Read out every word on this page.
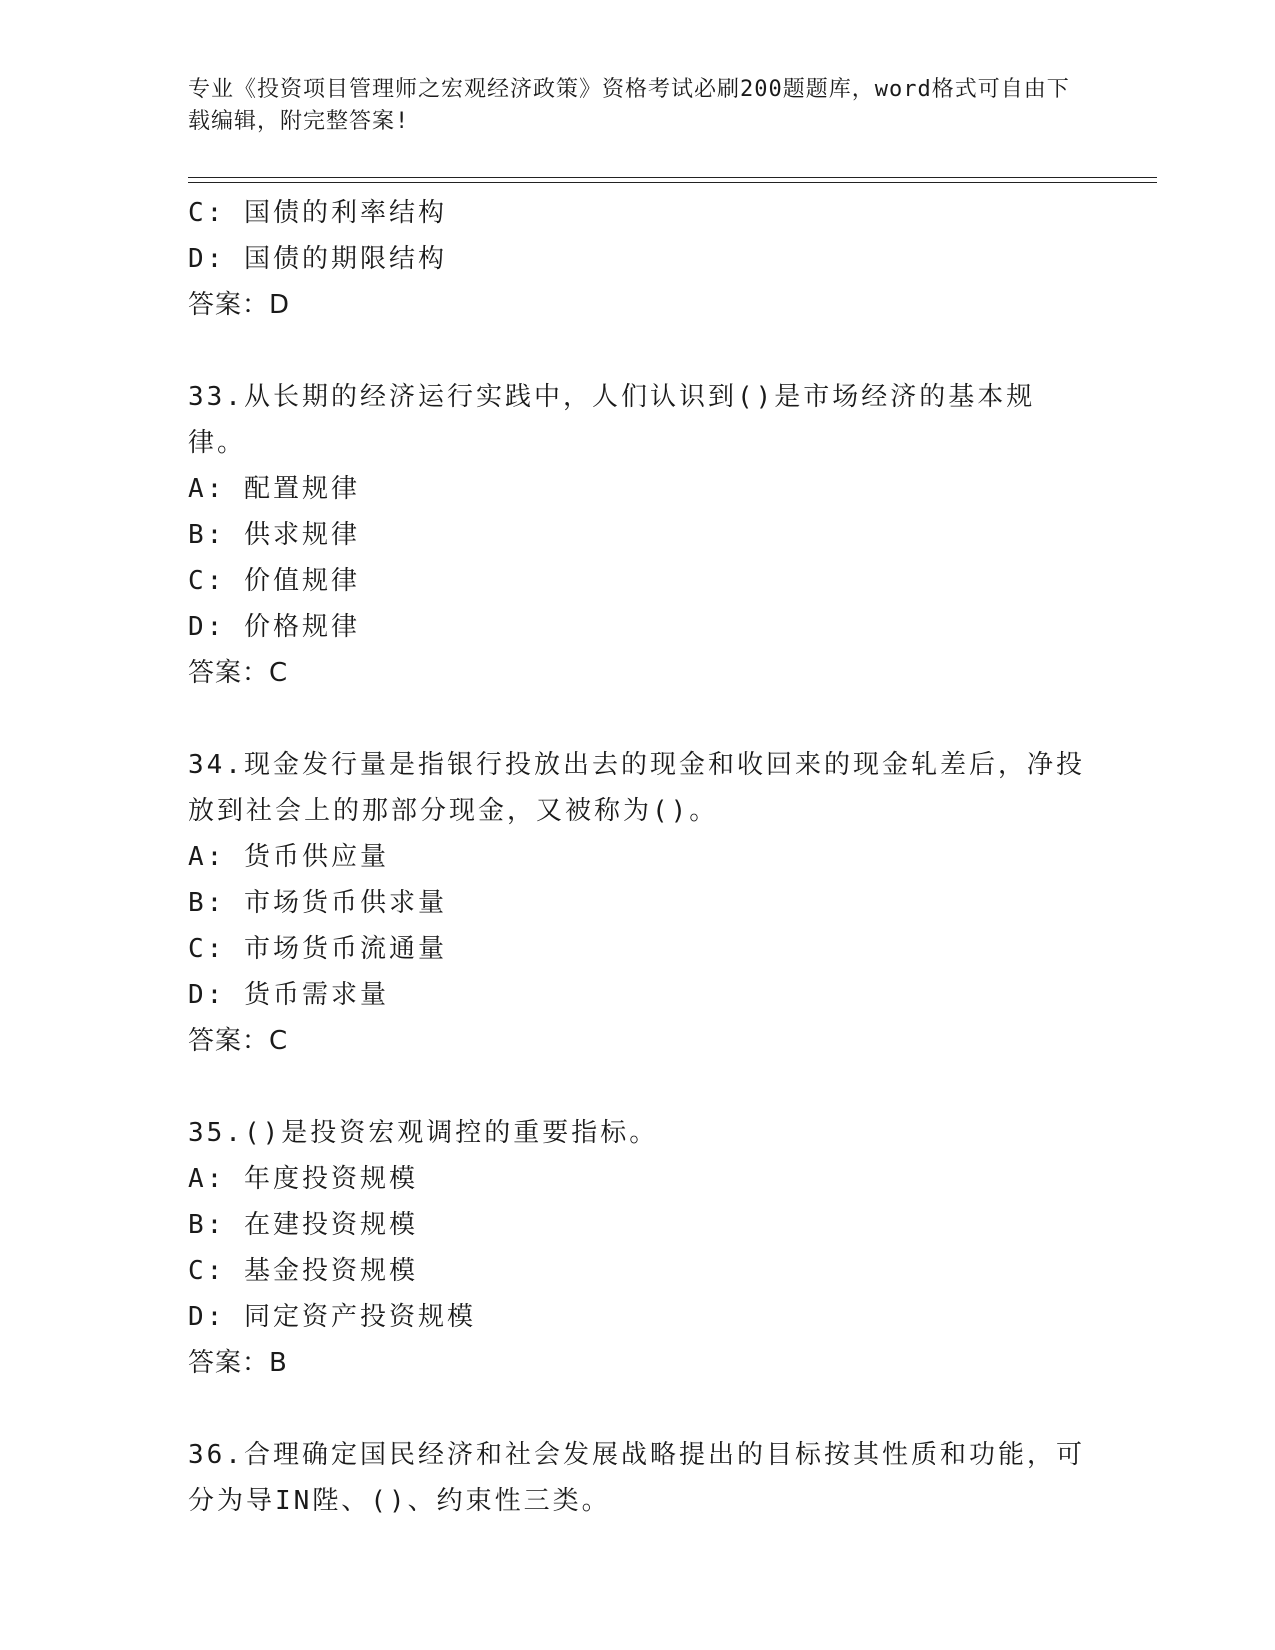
专业《投资项目管理师之宏观经济政策》资格考试必刷200题题库，word格式可自由下载编辑，附完整答案!
C: 国债的利率结构
D: 国债的期限结构
答案：D
33.从长期的经济运行实践中，人们认识到()是市场经济的基本规律。
A: 配置规律
B: 供求规律
C: 价值规律
D: 价格规律
答案：C
34.现金发行量是指银行投放出去的现金和收回来的现金轧差后，净投放到社会上的那部分现金，又被称为()。
A: 货币供应量
B: 市场货币供求量
C: 市场货币流通量
D: 货币需求量
答案：C
35.()是投资宏观调控的重要指标。
A: 年度投资规模
B: 在建投资规模
C: 基金投资规模
D: 同定资产投资规模
答案：B
36.合理确定国民经济和社会发展战略提出的目标按其性质和功能，可分为导IN陛、()、约束性三类。
